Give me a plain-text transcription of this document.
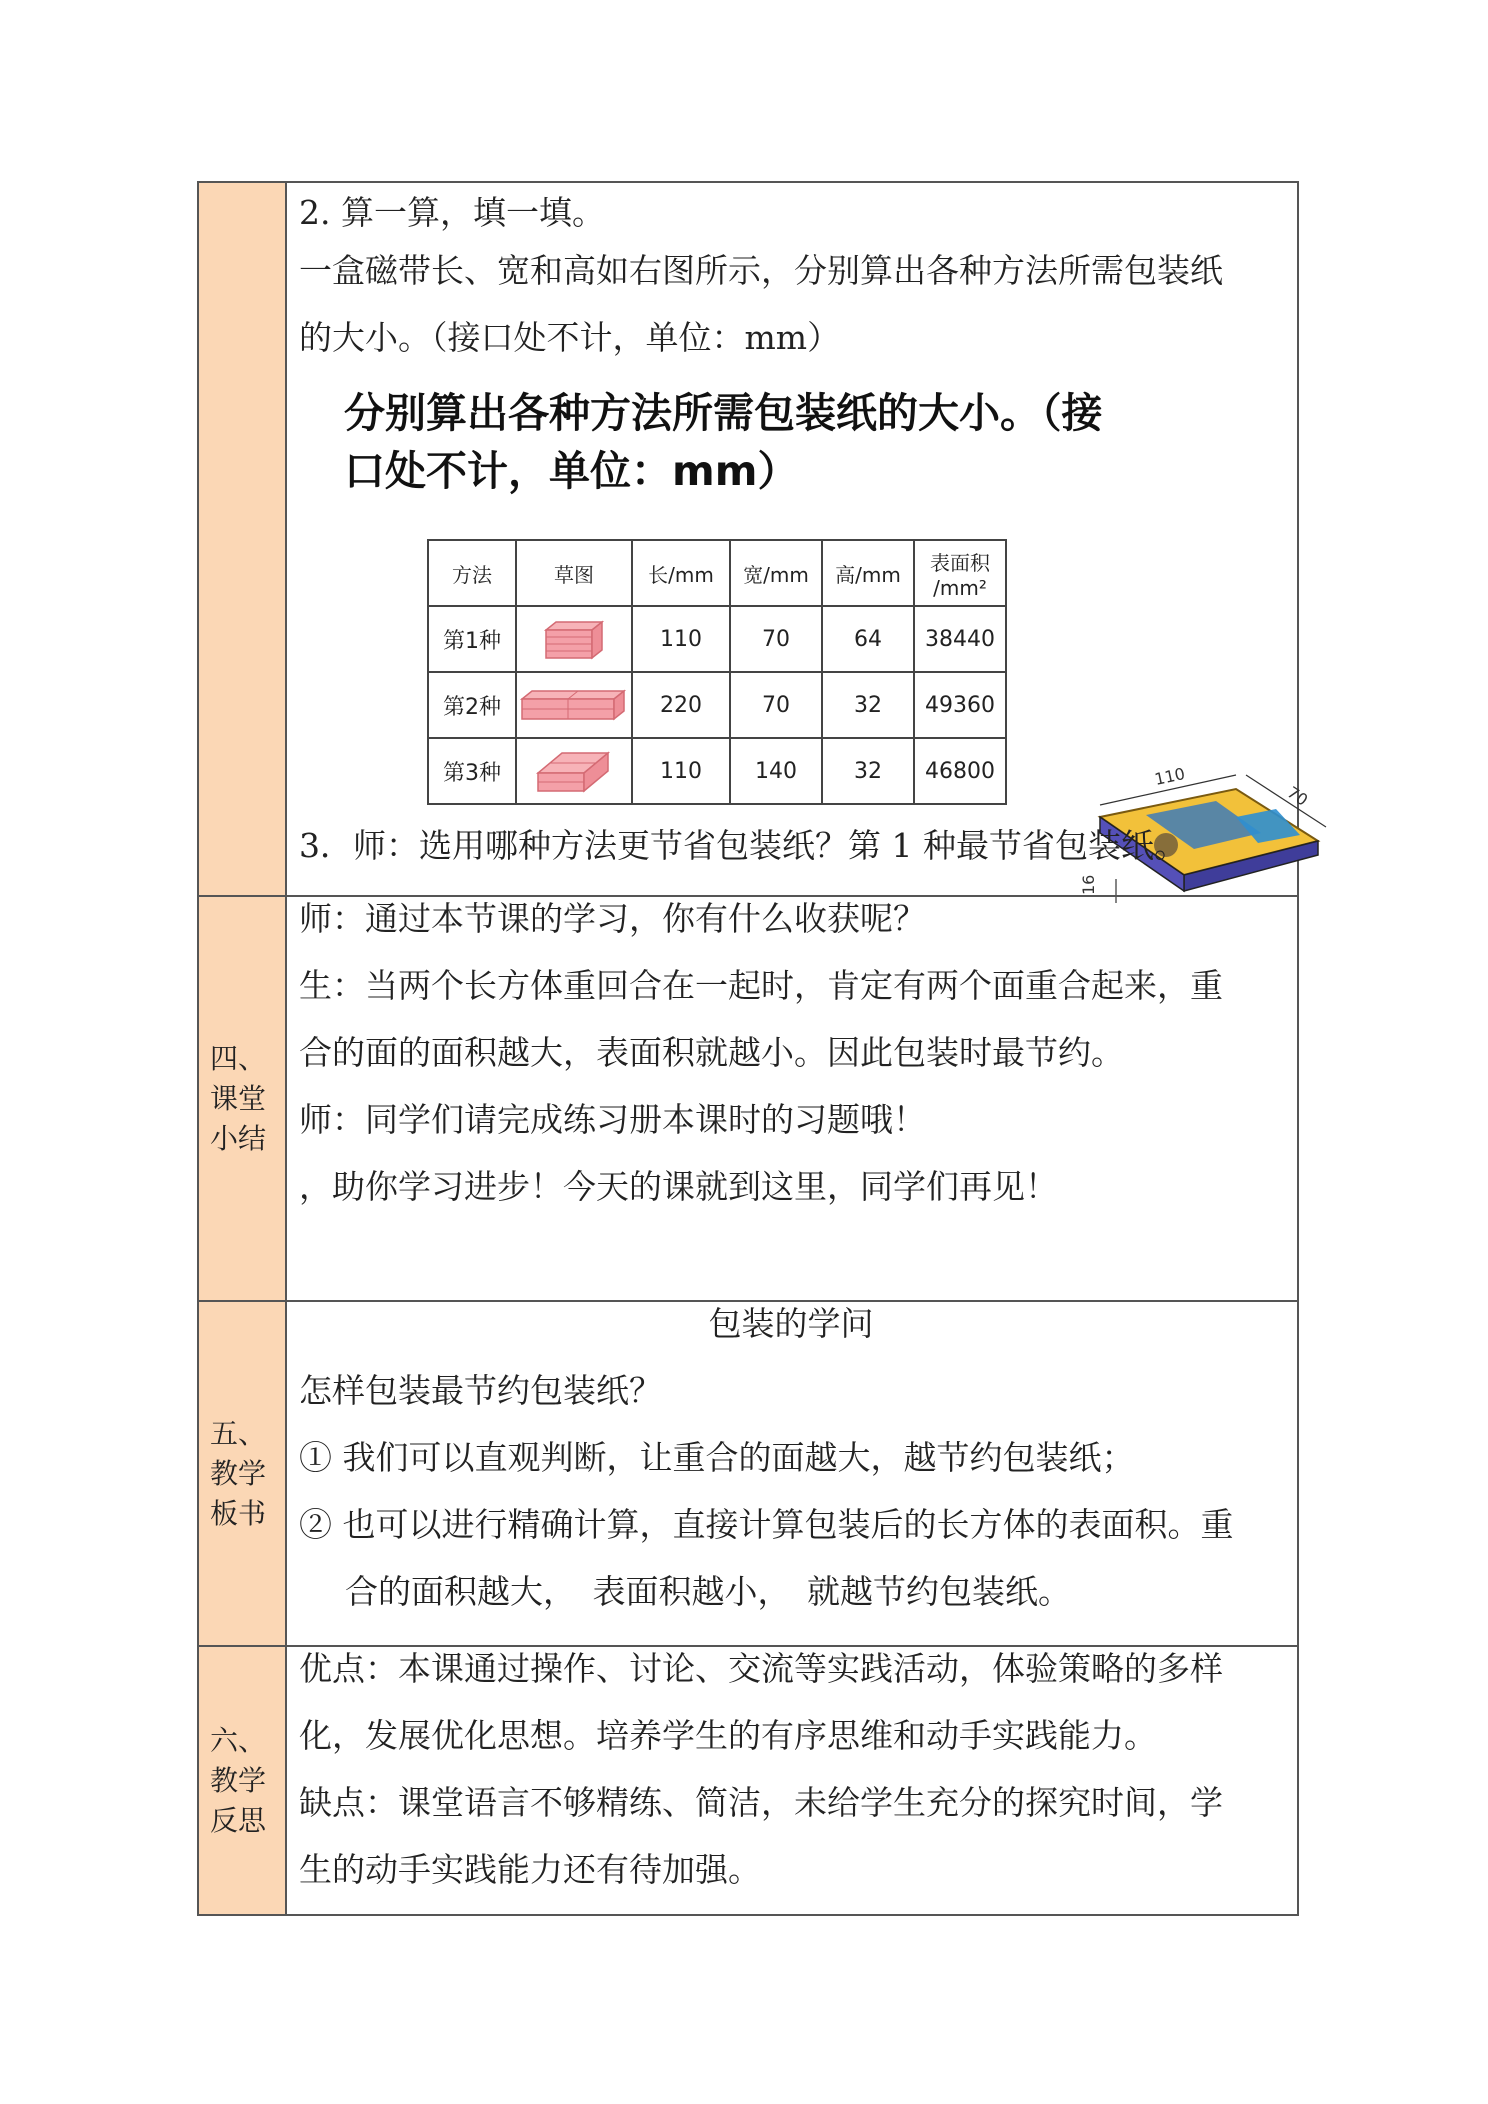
2. 算一算，填一填。
一盒磁带长、宽和高如右图所示，分别算出各种方法所需包装纸
的大小。（接口处不计，单位：mm）
分别算出各种方法所需包装纸的大小。（接
口处不计，单位：mm）
方法	草图	长/mm	宽/mm	高/mm	表面积
/mm²

第1种		110	70	64	38440
第2种		220	70	32	49360
第3种		110	140	32	46800	110
70
16
3．师：选用哪种方法更节省包装纸？第 1 种最节省包装纸。
四、课堂小结
师：通过本节课的学习，你有什么收获呢？
生：当两个长方体重回合在一起时，肯定有两个面重合起来，重
合的面的面积越大，表面积就越小。因此包装时最节约。
师：同学们请完成练习册本课时的习题哦！
，助你学习进步！今天的课就到这里，同学们再见！
五、教学板书
包装的学问
怎样包装最节约包装纸？
① 我们可以直观判断，让重合的面越大，越节约包装纸；
② 也可以进行精确计算，直接计算包装后的长方体的表面积。重
合的面积越大，　表面积越小，　就越节约包装纸。
六、教学反思
优点：本课通过操作、讨论、交流等实践活动，体验策略的多样
化，发展优化思想。培养学生的有序思维和动手实践能力。
缺点：课堂语言不够精练、简洁，未给学生充分的探究时间，学
生的动手实践能力还有待加强。
